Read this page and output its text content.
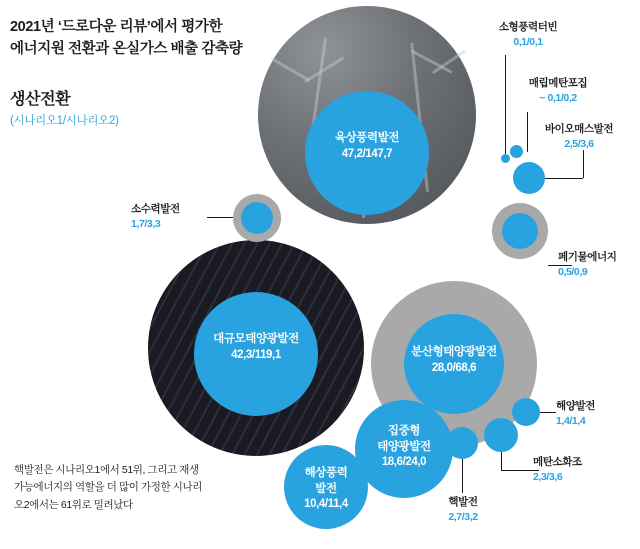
2021년 ‘드로다운 리뷰’에서 평가한
에너지원 전환과 온실가스 배출 감축량
생산전환
(시나리오1/시나리오2)
핵발전은 시나리오1에서 51위, 그리고 재생가능에너지의 역할을 더 많이 가정한 시나리오2에서는 61위로 밀려났다
육상풍력발전
47,2/147,7
대규모태양광발전
42,3/119,1	분산형태양광발전
28,0/68,6
집중형
태양광발전
18,6/24,0
해상풍력
발전
10,4/11,4
소형풍력터빈
0,1/0,1
매립메탄포집
~ 0,1/0,2
바이오매스발전
2,5/3,6
페기물에너지
0,5/0,9
소수력발전
1,7/3,3
해양발전
1,4/1,4
메탄소화조
2,3/3,6
핵발전
2,7/3,2
